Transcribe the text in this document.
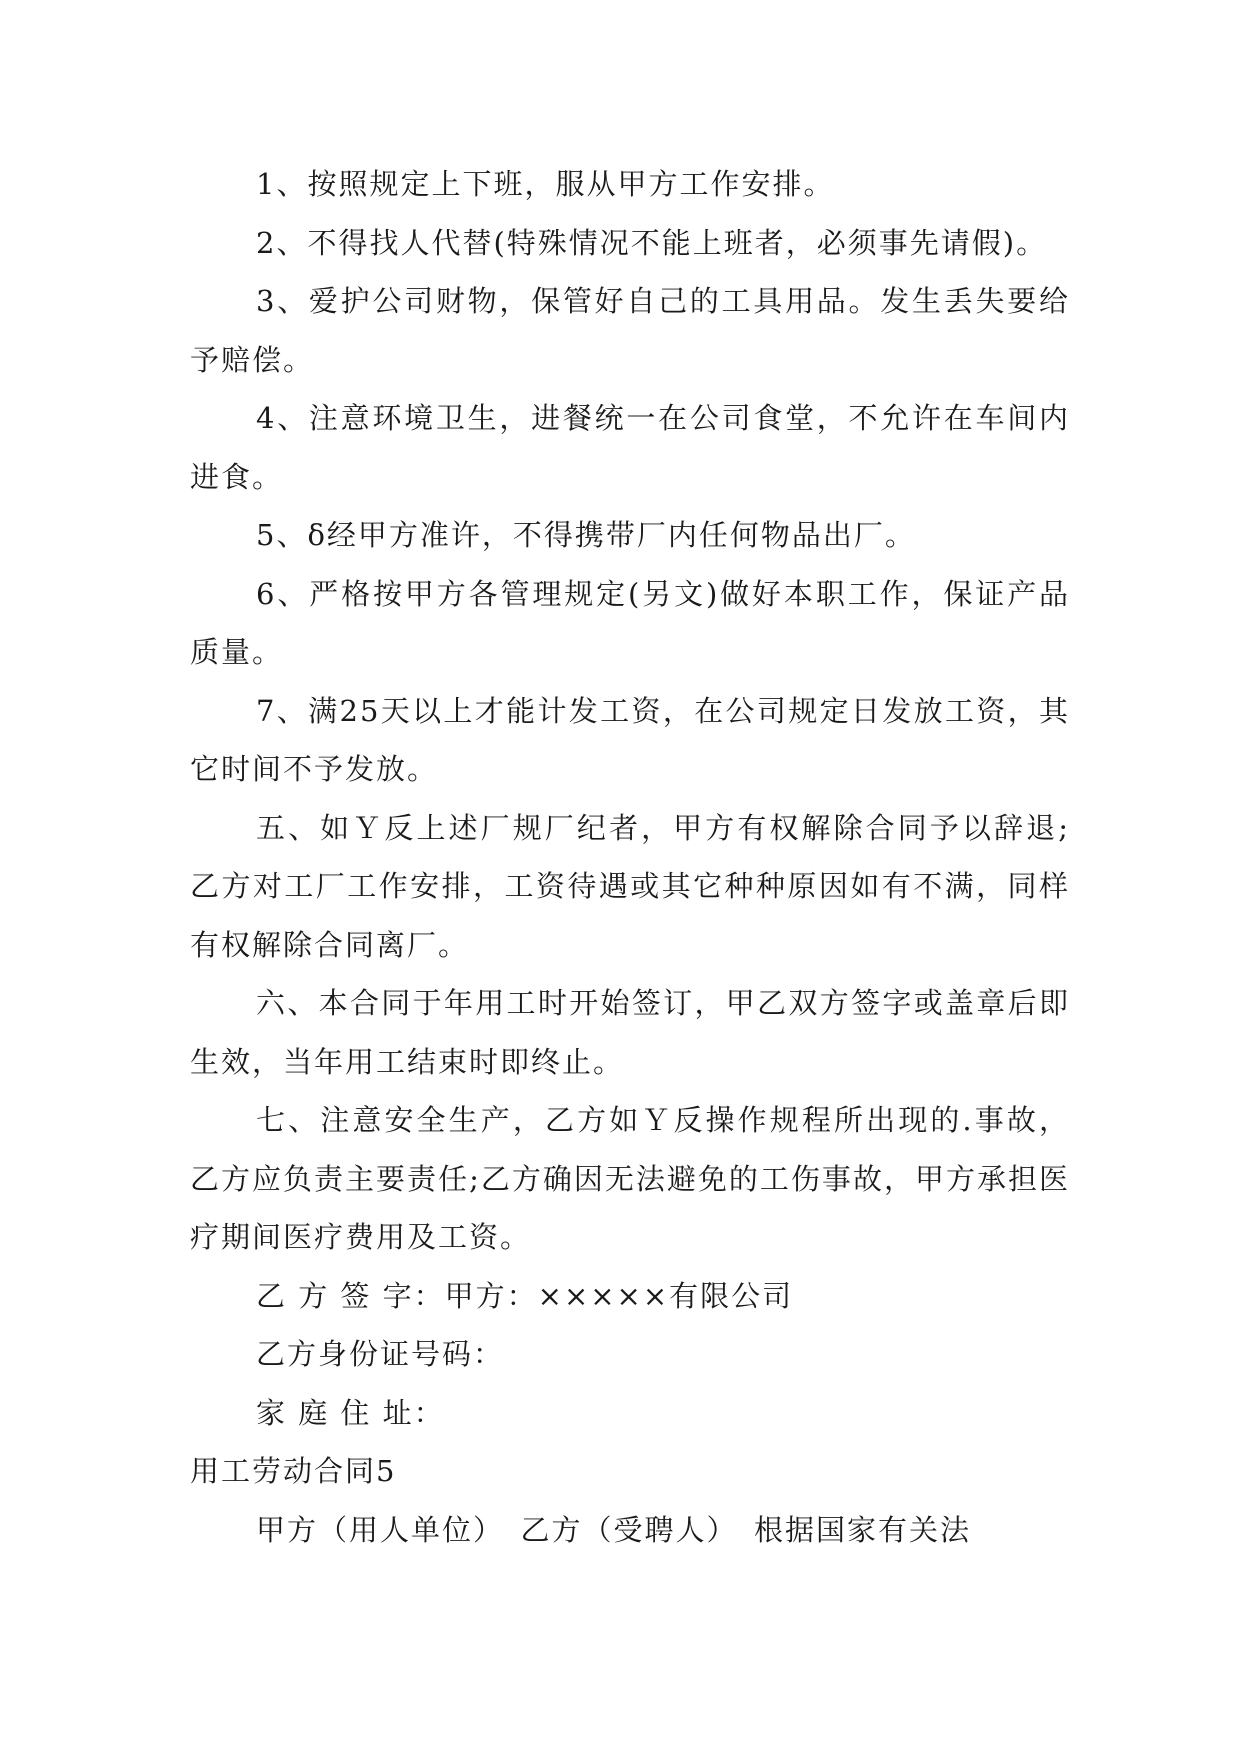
1、按照规定上下班，服从甲方工作安排。

2、不得找人代替(特殊情况不能上班者，必须事先请假)。

3、爱护公司财物，保管好自己的工具用品。发生丢失要给予赔偿。

4、注意环境卫生，进餐统一在公司食堂，不允许在车间内进食。

5、δ经甲方准许，不得携带厂内任何物品出厂。

6、严格按甲方各管理规定(另文)做好本职工作，保证产品质量。

7、满25天以上才能计发工资，在公司规定日发放工资，其它时间不予发放。

五、如Ｙ反上述厂规厂纪者，甲方有权解除合同予以辞退;乙方对工厂工作安排，工资待遇或其它种种原因如有不满，同样有权解除合同离厂。

六、本合同于年用工时开始签订，甲乙双方签字或盖章后即生效，当年用工结束时即终止。

七、注意安全生产，乙方如Ｙ反操作规程所出现的.事故，乙方应负责主要责任;乙方确因无法避免的工伤事故，甲方承担医疗期间医疗费用及工资。

乙 方 签 字：甲方：×××××有限公司

乙方身份证号码：

家 庭 住 址：

用工劳动合同5

甲方（用人单位）　乙方（受聘人）　根据国家有关法
